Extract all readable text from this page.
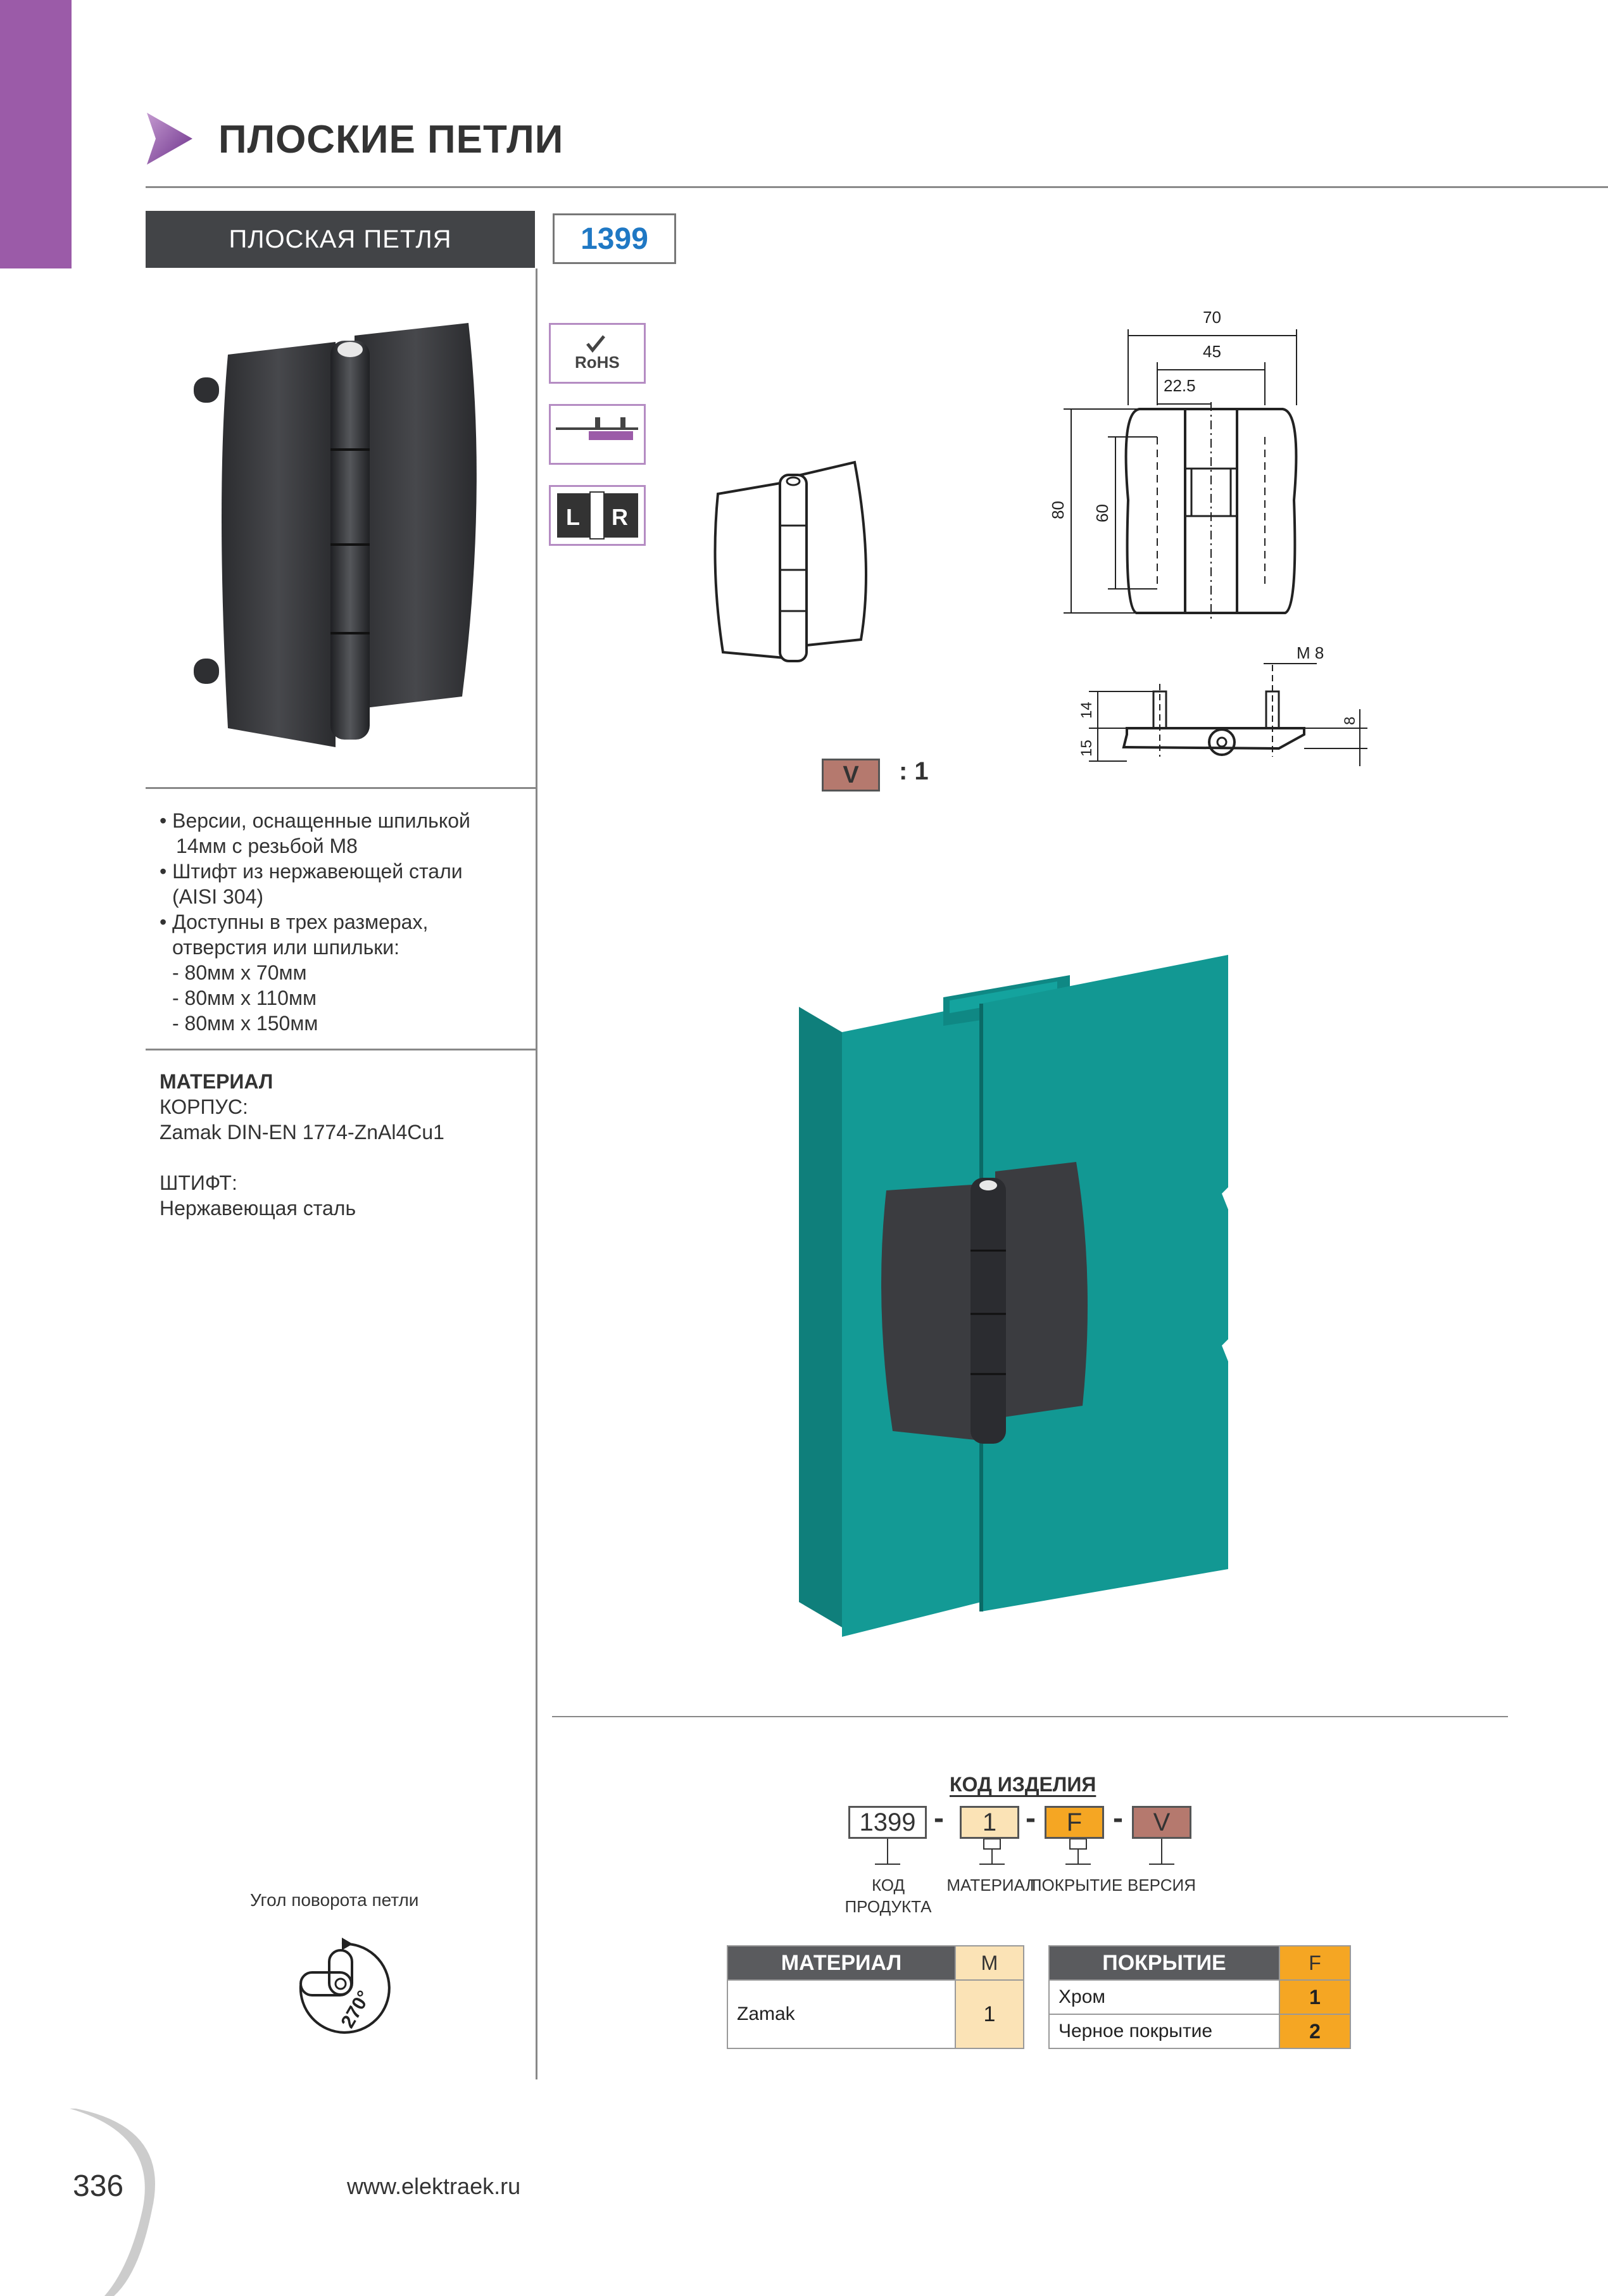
ПЛОСКИЕ ПЕТЛИ
ПЛОСКАЯ ПЕТЛЯ	1399
• Версии, оснащенные шпилькой
14мм с резьбой М8
• Штифт из нержавеющей стали
(AISI 304)
• Доступны в трех размерах,
отверстия или шпильки:
- 80мм х 70мм
- 80мм х 110мм
- 80мм х 150мм
МАТЕРИАЛ
КОРПУС:
Zamak DIN-EN 1774-ZnAl4Cu1
ШТИФТ:
Нержавеющая сталь
RoHS
L R
70
45
22.5
80 60
M 8
14
15
8
V	: 1
КОД ИЗДЕЛИЯ
1399 -	1 -	F	-	V
КОД
ПРОДУКТА
МАТЕРИАЛ
ПОКРЫТИЕ ВЕРСИЯ
МАТЕРИАЛ	M
Zamak	1
ПОКРЫТИЕ	F
Хром	1
Черное покрытие	2
Угол поворота петли
270°
336	www.elektraek.ru
